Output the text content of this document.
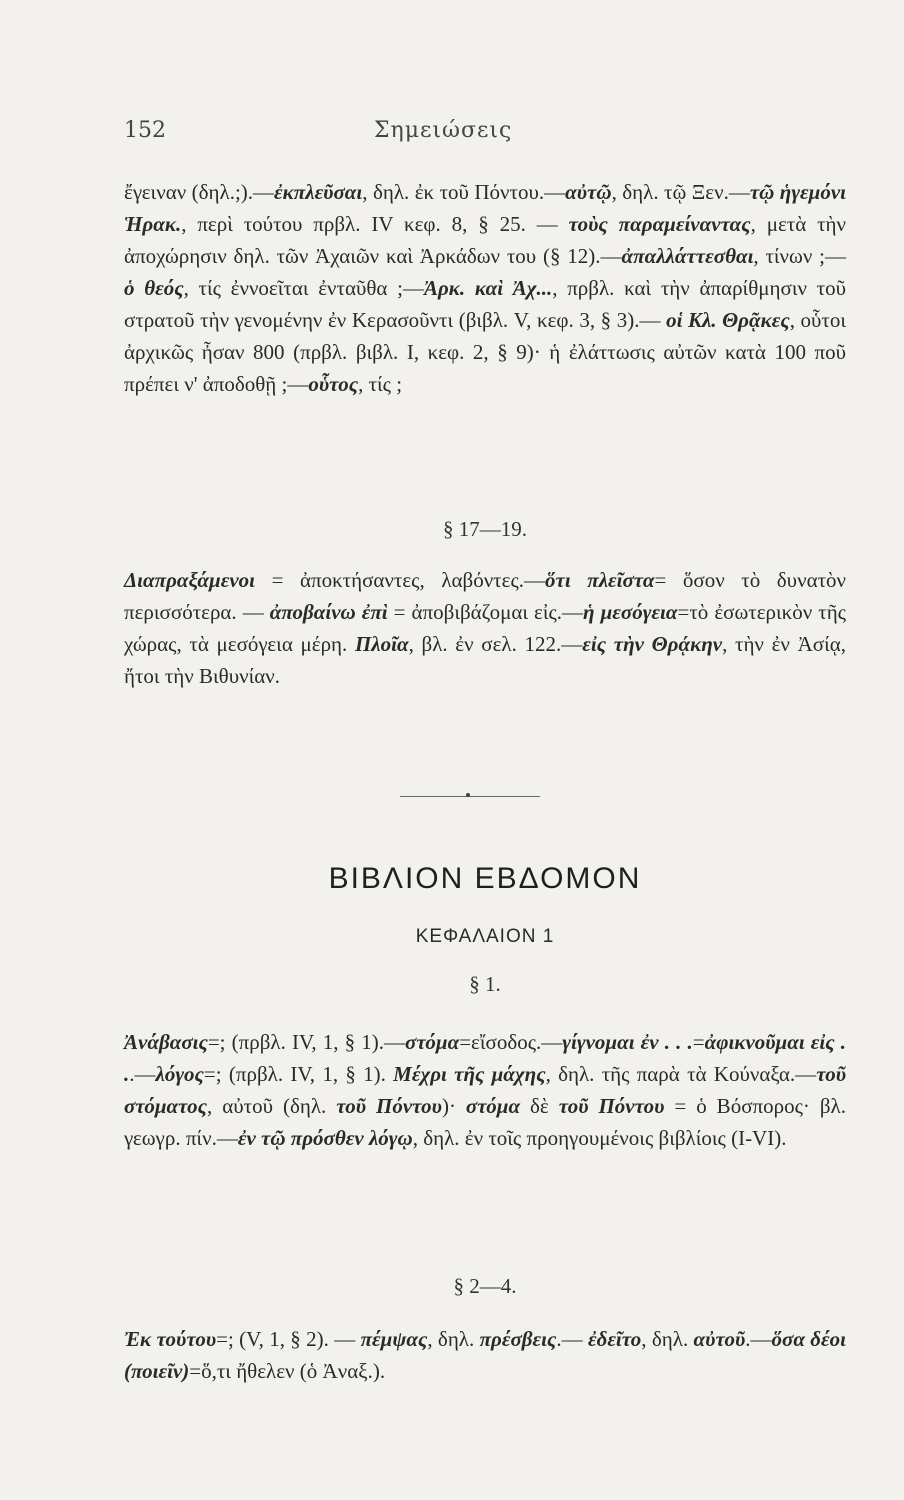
152	Σημειώσεις
ἔγειναν (δηλ.;).—ἐκπλεῦσαι, δηλ. ἐκ τοῦ Πόντου.—αὐτῷ, δηλ. τῷ Ξεν.—τῷ ἡγεμόνι Ἡρακ., περὶ τούτου πρβλ. IV κεφ. 8, § 25. — τοὺς παραμείναντας, μετὰ τὴν ἀποχώρησιν δηλ. τῶν Ἀχαιῶν καὶ Ἀρκάδων του (§ 12).—ἀπαλλάττεσθαι, τίνων ;— ὁ θεός, τίς ἐννοεῖται ἐνταῦθα ;—Ἀρκ. καὶ Ἀχ..., πρβλ. καὶ τὴν ἀπαρίθμησιν τοῦ στρατοῦ τὴν γενομένην ἐν Κερασοῦντι (βιβλ. V, κεφ. 3, § 3).— οἱ Κλ. Θρᾷκες, οὗτοι ἀρχικῶς ἦσαν 800 (πρβλ. βιβλ. I, κεφ. 2, § 9)· ἡ ἐλάττωσις αὐτῶν κατὰ 100 ποῦ πρέπει ν' ἀποδοθῇ ;—οὗτος, τίς ;
§ 17—19.
Διαπραξάμενοι = ἀποκτήσαντες, λαβόντες.—ὅτι πλεῖστα= ὅσον τὸ δυνατὸν περισσότερα. — ἀποβαίνω ἐπὶ = ἀποβιβάζομαι εἰς.—ἡ μεσόγεια=τὸ ἐσωτερικὸν τῆς χώρας, τὰ μεσόγεια μέρη. Πλοῖα, βλ. ἐν σελ. 122.—εἰς τὴν Θρᾴκην, τὴν ἐν Ἀσίᾳ, ἤτοι τὴν Βιθυνίαν.
ΒΙΒΛΙΟΝ ΕΒΔΟΜΟΝ
ΚΕΦΑΛΑΙΟΝ 1
§ 1.
Ἀνάβασις=; (πρβλ. IV, 1, § 1).—στόμα=εἴσοδος.—γίγνομαι ἐν . . .=ἀφικνοῦμαι εἰς . ..—λόγος=; (πρβλ. IV, 1, § 1). Μέχρι τῆς μάχης, δηλ. τῆς παρὰ τὰ Κούναξα.—τοῦ στόματος, αὐτοῦ (δηλ. τοῦ Πόντου)· στόμα δὲ τοῦ Πόντου = ὁ Βόσπορος· βλ. γεωγρ. πίν.—ἐν τῷ πρόσθεν λόγῳ, δηλ. ἐν τοῖς προηγουμένοις βιβλίοις (I-VI).
§ 2—4.
Ἐκ τούτου=; (V, 1, § 2). — πέμψας, δηλ. πρέσβεις.— ἐδεῖτο, δηλ. αὐτοῦ.—ὅσα δέοι (ποιεῖν)=ὅ,τι ἤθελεν (ὁ Ἀναξ.).
